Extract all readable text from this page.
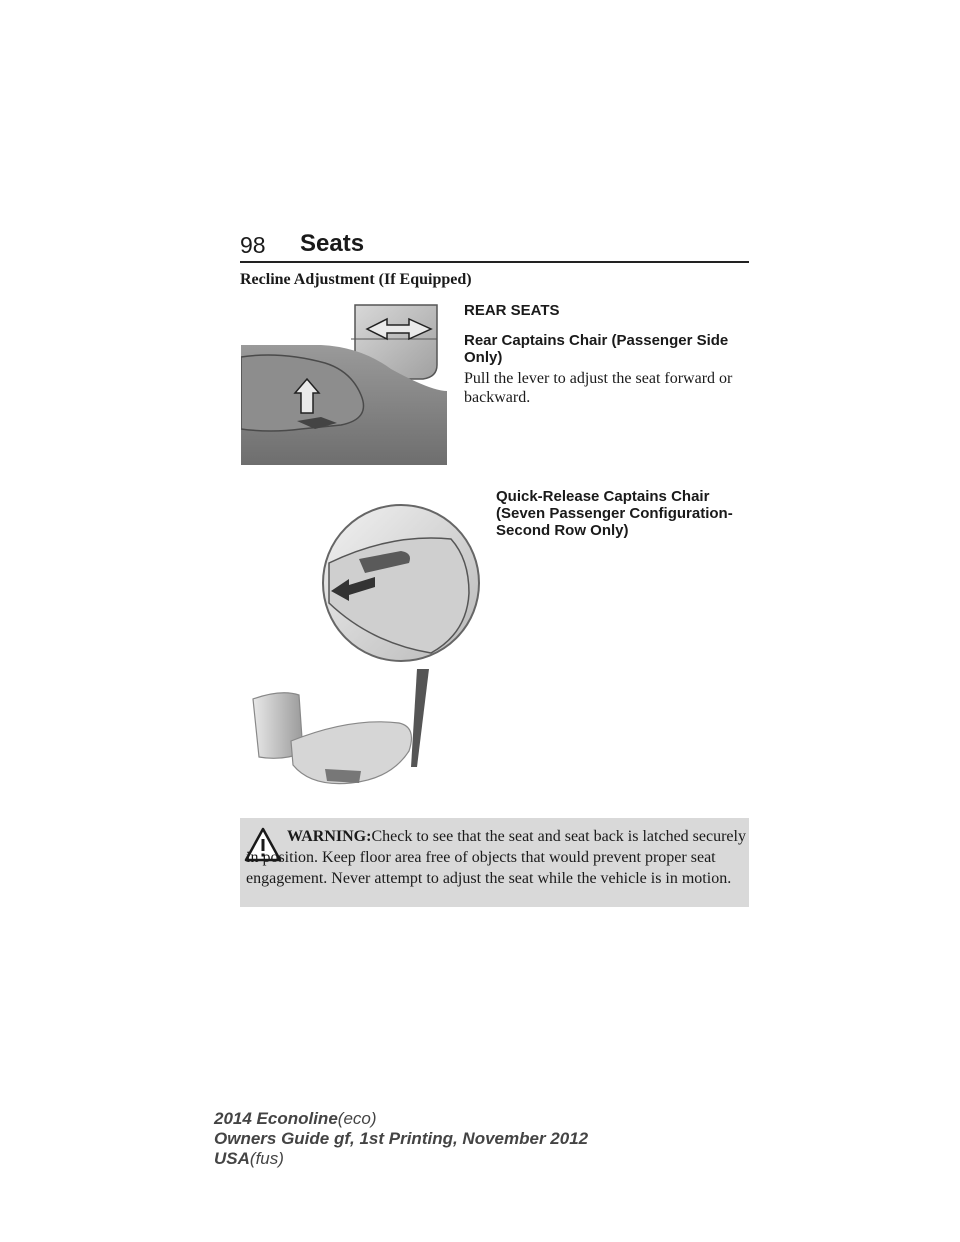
98 Seats
Recline Adjustment (If Equipped)
REAR SEATS
Rear Captains Chair (Passenger Side Only)
Pull the lever to adjust the seat forward or backward.
Quick-Release Captains Chair (Seven Passenger Configuration-Second Row Only)
WARNING:Check to see that the seat and seat back is latched securely in position. Keep floor area free of objects that would prevent proper seat engagement. Never attempt to adjust the seat while the vehicle is in motion.
2014 Econoline(eco)
Owners Guide gf, 1st Printing, November 2012
USA(fus)
